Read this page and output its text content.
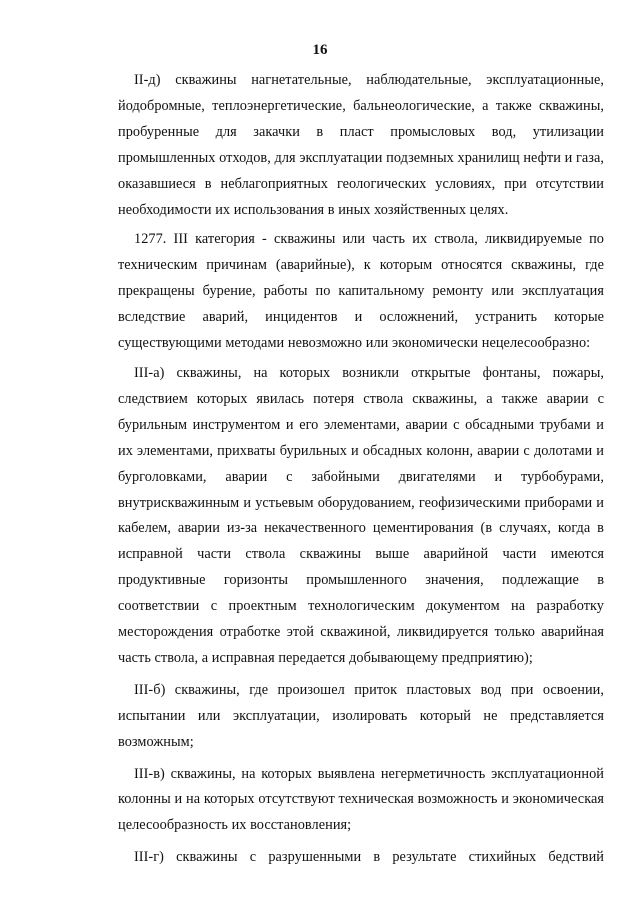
16

II-д) скважины нагнетательные, наблюдательные, эксплуатационные, йодобромные, теплоэнергетические, бальнеологические, а также скважины, пробуренные для закачки в пласт промысловых вод, утилизации промышленных отходов, для эксплуатации подземных хранилищ нефти и газа, оказавшиеся в неблагоприятных геологических условиях, при отсутствии необходимости их использования в иных хозяйственных целях.

1277. III категория - скважины или часть их ствола, ликвидируемые по техническим причинам (аварийные), к которым относятся скважины, где прекращены бурение, работы по капитальному ремонту или эксплуатация вследствие аварий, инцидентов и осложнений, устранить которые существующими методами невозможно или экономически нецелесообразно:

III-а) скважины, на которых возникли открытые фонтаны, пожары, следствием которых явилась потеря ствола скважины, а также аварии с бурильным инструментом и его элементами, аварии с обсадными трубами и их элементами, прихваты бурильных и обсадных колонн, аварии с долотами и бурголовками, аварии с забойными двигателями и турбобурами, внутрискважинным и устьевым оборудованием, геофизическими приборами и кабелем, аварии из-за некачественного цементирования (в случаях, когда в исправной части ствола скважины выше аварийной части имеются продуктивные горизонты промышленного значения, подлежащие в соответствии с проектным технологическим документом на разработку месторождения отработке этой скважиной, ликвидируется только аварийная часть ствола, а исправная передается добывающему предприятию);

III-б) скважины, где произошел приток пластовых вод при освоении, испытании или эксплуатации, изолировать который не представляется возможным;

III-в) скважины, на которых выявлена негерметичность эксплуатационной колонны и на которых отсутствуют техническая возможность и экономическая целесообразность их восстановления;

III-г) скважины с разрушенными в результате стихийных бедствий
